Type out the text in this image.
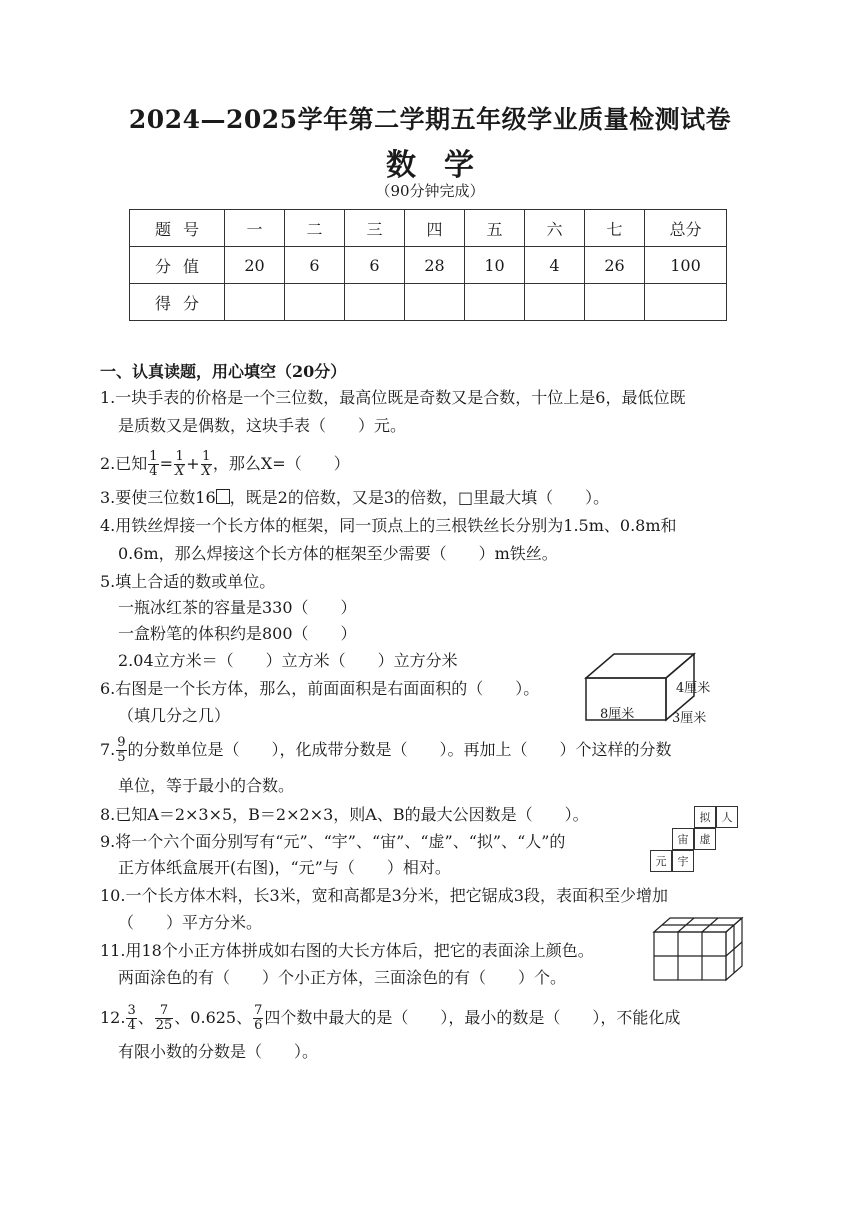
2024—2025学年第二学期五年级学业质量检测试卷
数学
（90分钟完成）
题号	一	二	三	四	五	六	七	总分
分值	20	6	6	28	10	4	26	100
得分								
一、认真读题，用心填空（20分）
1.一块手表的价格是一个三位数，最高位既是奇数又是合数，十位上是6，最低位既
是质数又是偶数，这块手表（　　）元。
2.已知 $\frac{1}{4} = \frac{1}{X} + \frac{1}{X}$ ，那么X=（　　）
3.要使三位数16 ，既是2的倍数，又是3的倍数，□里最大填（　　）。
4.用铁丝焊接一个长方体的框架，同一顶点上的三根铁丝长分别为1.5m、0.8m和
0.6m，那么焊接这个长方体的框架至少需要（　　）m铁丝。
5.填上合适的数或单位。
一瓶冰红茶的容量是330（　　）
一盒粉笔的体积约是800（　　）
2.04立方米＝（　　）立方米（　　）立方分米
6.右图是一个长方体，那么，前面面积是右面面积的（　　）。
（填几分之几）
4厘米
8厘米	3厘米
7. $\frac{9}{5}$ 的分数单位是（　　），化成带分数是（　　）。再加上（　　）个这样的分数
单位，等于最小的合数。
8.已知A＝2×3×5，B＝2×2×3，则A、B的最大公因数是（　　）。
9.将一个六个面分别写有“元”、“宇”、“宙”、“虚”、“拟”、“人”的
正方体纸盒展开(右图)，“元”与（　　）相对。
拟	人
宙	虚
元	宇
10.一个长方体木料，长3米，宽和高都是3分米，把它锯成3段，表面积至少增加
（　　）平方分米。
11.用18个小正方体拼成如右图的大长方体后，把它的表面涂上颜色。
两面涂色的有（　　）个小正方体，三面涂色的有（　　）个。
12. $\frac{3}{4}$ 、 $\frac{7}{25}$ 、0.625、 $\frac{7}{6}$ 四个数中最大的是（　　），最小的数是（　　），不能化成
有限小数的分数是（　　）。
